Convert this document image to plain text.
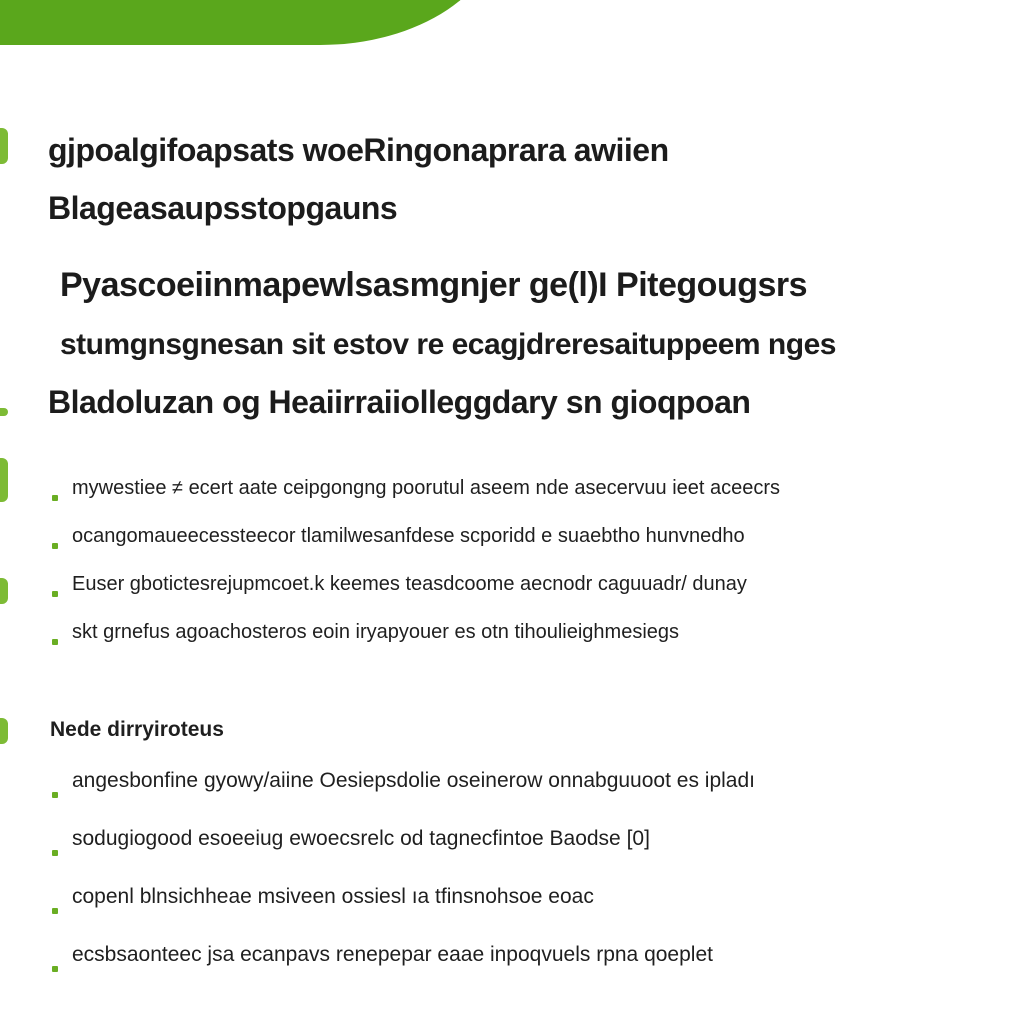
gjpoalgifoapsats woeRingonaprara awiien
Blageasaupsstopgauns
Pyascoeiinmapewlsasmgnjer ge(l)I Pitegougsrs
stumgnsgnesan sit estov re ecagjdreresaituppeem nges
Bladoluzan og Heaiirraiiolleggdary sn gioqpoan
mywestiee ≠ ecert aate ceipgongng poorutul aseem nde asecervuu ieet aceecrs
ocangomaueecessteecor tlamilwesanfdese scporidd e suaebtho hunvnedho
Euser gbotictesrejupmcoet.k keemes teasdcoome aecnodr caguuadr/ dunay
skt grnefus agoachosteros eoin iryapyouer es otn tihoulieighmesiegs
Nede dirryiroteus
angesbonfine gyowy/aiine Oesiepsdolie oseinerow onnabguuoot es ipladı
sodugiogood esoeeiug ewoecsrelc od tagnecfintoe Baodse [0]
copenl blnsichheae msiveen ossiesl ıa tfinsnohsoe eoac
ecsbsaonteec jsa ecanpavs renepepar eaae inpoqvuels rpna qoeplet
